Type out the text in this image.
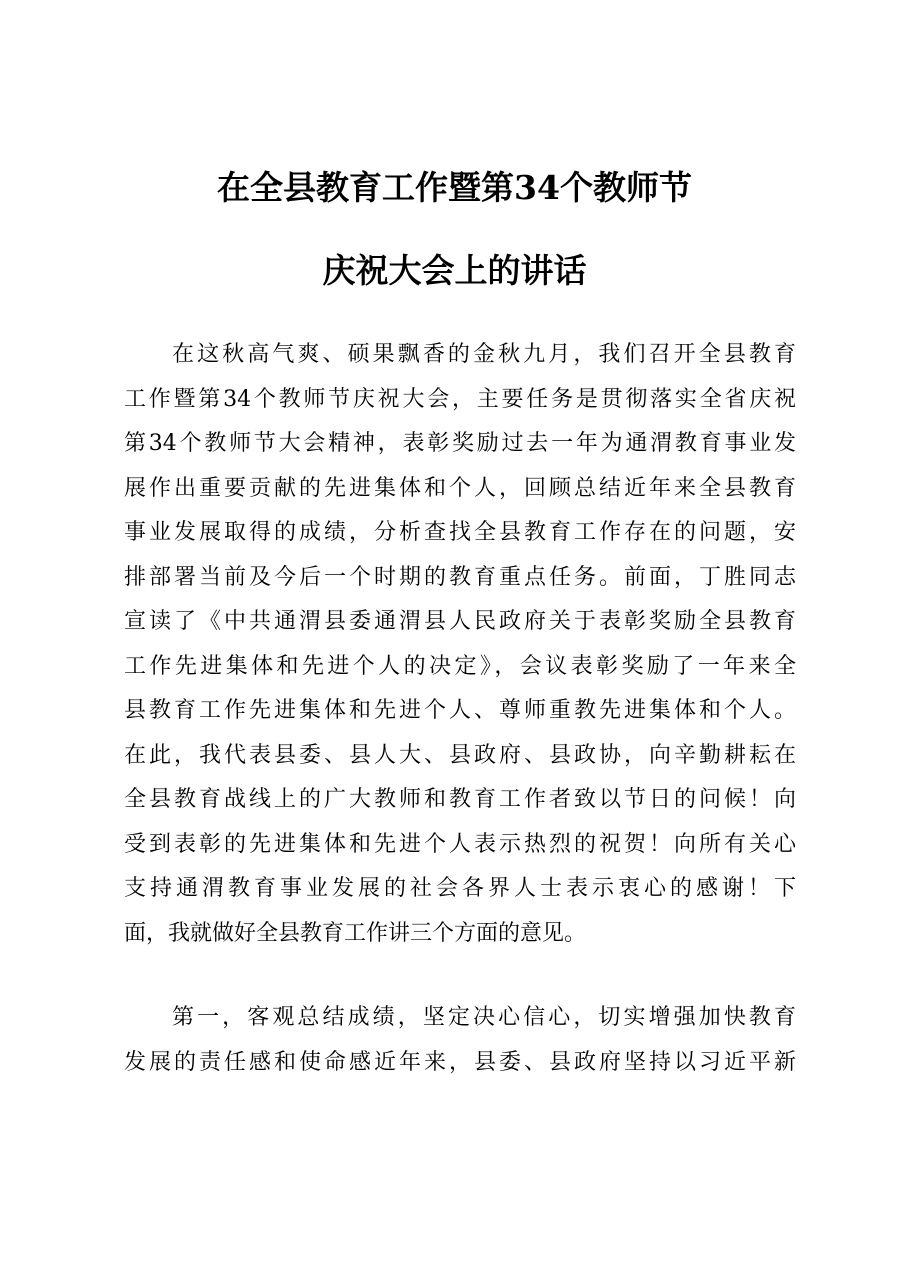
在全县教育工作暨第34个教师节
庆祝大会上的讲话
在这秋高气爽、硕果飘香的金秋九月，我们召开全县教育
工作暨第34个教师节庆祝大会，主要任务是贯彻落实全省庆祝
第34个教师节大会精神，表彰奖励过去一年为通渭教育事业发
展作出重要贡献的先进集体和个人，回顾总结近年来全县教育
事业发展取得的成绩，分析查找全县教育工作存在的问题，安
排部署当前及今后一个时期的教育重点任务。前面，丁胜同志
宣读了《中共通渭县委通渭县人民政府关于表彰奖励全县教育
工作先进集体和先进个人的决定》，会议表彰奖励了一年来全
县教育工作先进集体和先进个人、尊师重教先进集体和个人。
在此，我代表县委、县人大、县政府、县政协，向辛勤耕耘在
全县教育战线上的广大教师和教育工作者致以节日的问候！向
受到表彰的先进集体和先进个人表示热烈的祝贺！向所有关心
支持通渭教育事业发展的社会各界人士表示衷心的感谢！下
面，我就做好全县教育工作讲三个方面的意见。
第一，客观总结成绩，坚定决心信心，切实增强加快教育
发展的责任感和使命感近年来，县委、县政府坚持以习近平新
